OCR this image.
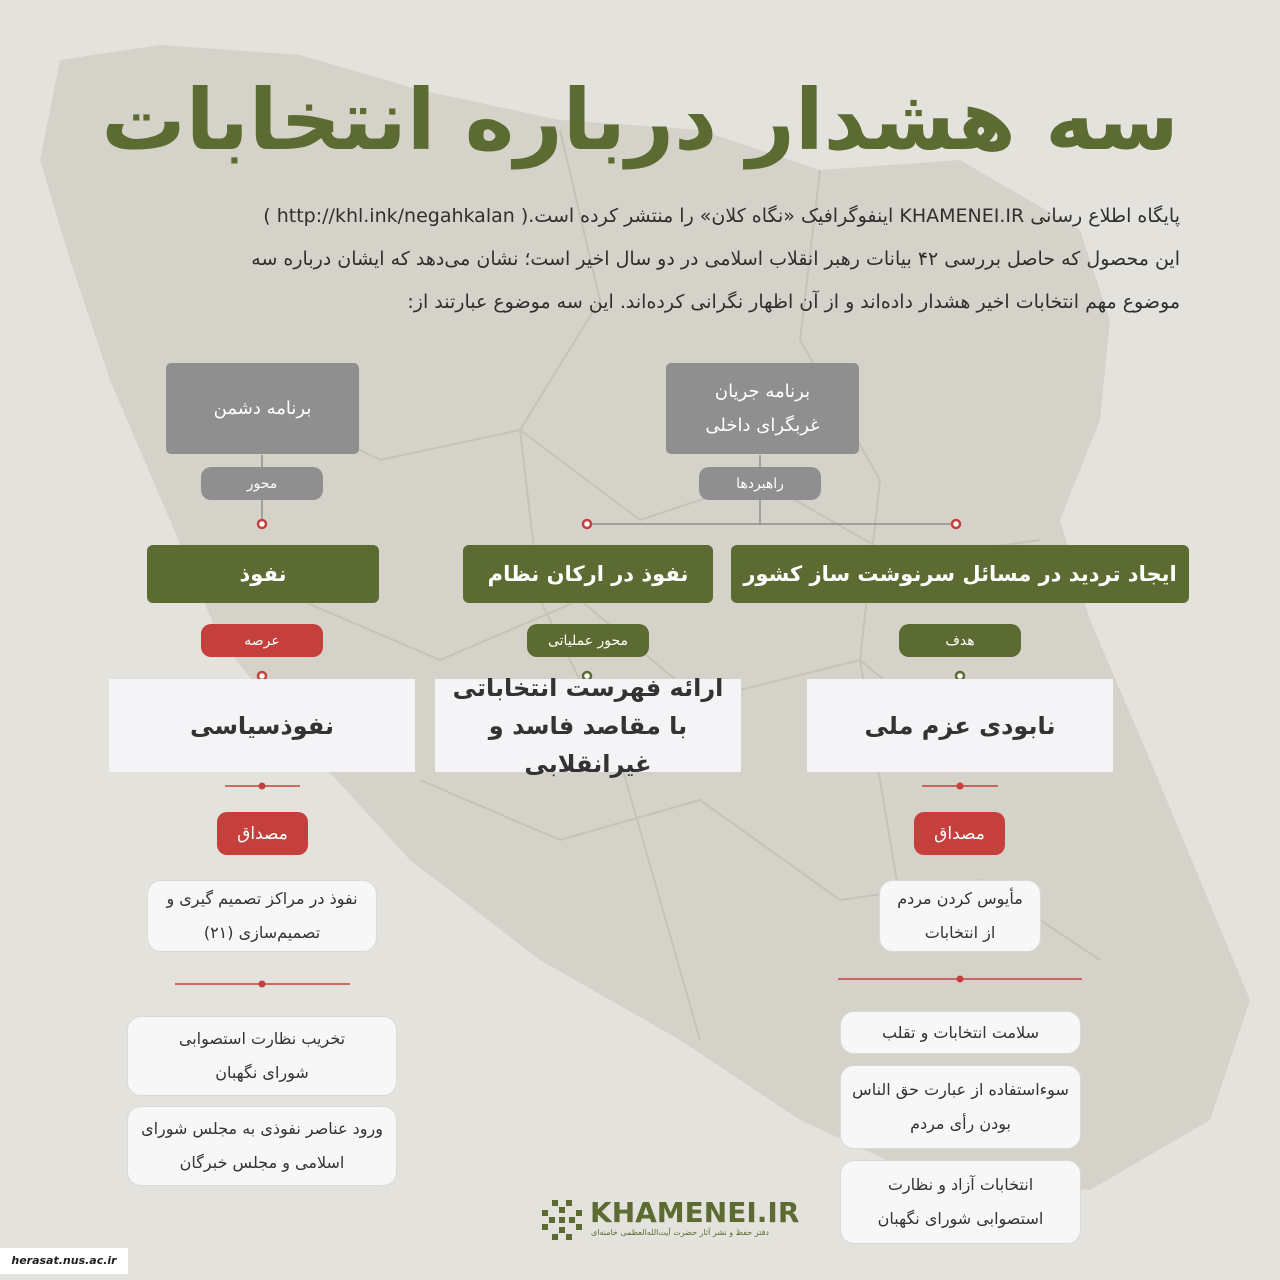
سه هشدار درباره انتخابات

پایگاه اطلاع رسانی KHAMENEI.IR اینفوگرافیک «نگاه کلان» را منتشر کرده است.( http://khl.ink/negahkalan )

این محصول که حاصل بررسی ۴۲ بیانات رهبر انقلاب اسلامی در دو سال اخیر است؛ نشان می‌دهد که ایشان درباره سه

موضوع مهم انتخابات اخیر هشدار داده‌اند و از آن اظهار نگرانی کرده‌اند. این سه موضوع عبارتند از:

برنامه دشمن
برنامه جریان
غربگرای داخلی
محور	راهبردها
نفوذ	نفوذ در ارکان نظام	ایجاد تردید در مسائل سرنوشت ساز کشور
عرصه	محور عملیاتی	هدف
نفوذسیاسی
ارائه فهرست انتخاباتی
با مقاصد فاسد و غیرانقلابی
نابودی عزم ملی
مصداق	مصداق
نفوذ در مراکز تصمیم گیری و
تصمیم‌سازی (۲۱)
تخریب نظارت استصوابی
شورای نگهبان
ورود عناصر نفوذی به مجلس شورای
اسلامی و مجلس خبرگان
مأیوس کردن مردم
از انتخابات
سلامت انتخابات و تقلب
سوءاستفاده از عبارت حق الناس
بودن رأی مردم
انتخابات آزاد و نظارت
استصوابی شورای نگهبان
KHAMENEI.IR
دفتر حفظ و نشر آثار حضرت آیت‌الله‌العظمی خامنه‌ای
herasat.nus.ac.ir
